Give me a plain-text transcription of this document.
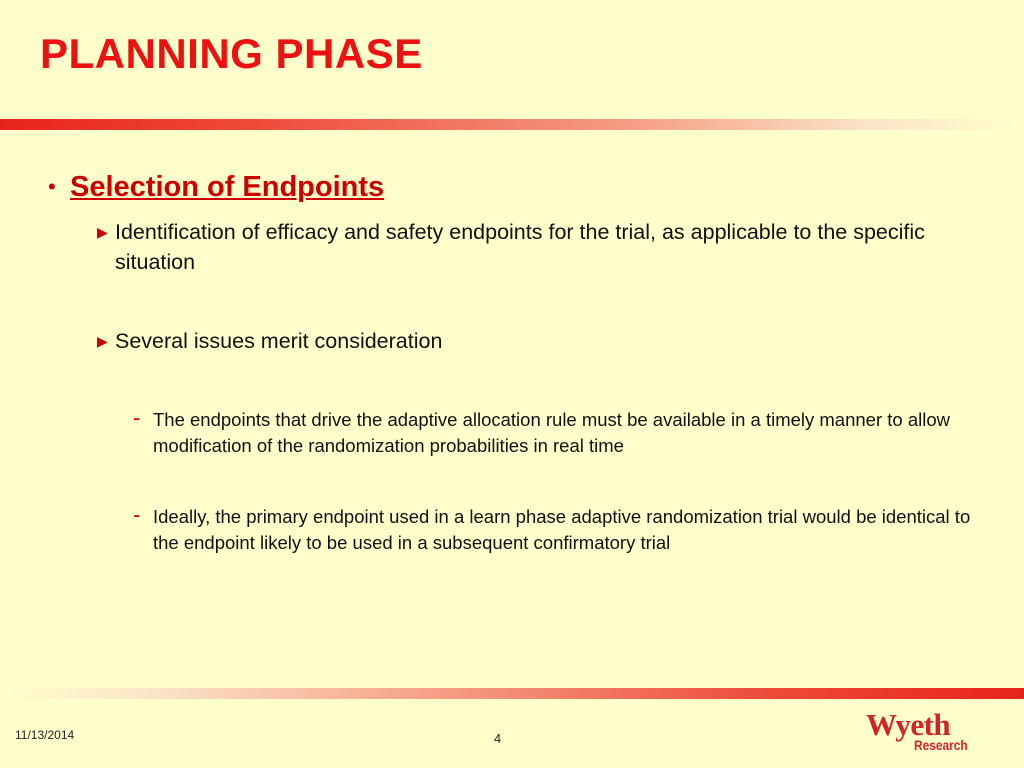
PLANNING PHASE
• Selection of Endpoints
▶ Identification of efficacy and safety endpoints for the trial, as applicable to the specific situation
▶ Several issues merit consideration
- The endpoints that drive the adaptive allocation rule must be available in a timely manner to allow modification of the randomization probabilities in real time
- Ideally, the primary endpoint used in a learn phase adaptive randomization trial would be identical to the endpoint likely to be used in a subsequent confirmatory trial
11/13/2014	4	Wyeth
Research
